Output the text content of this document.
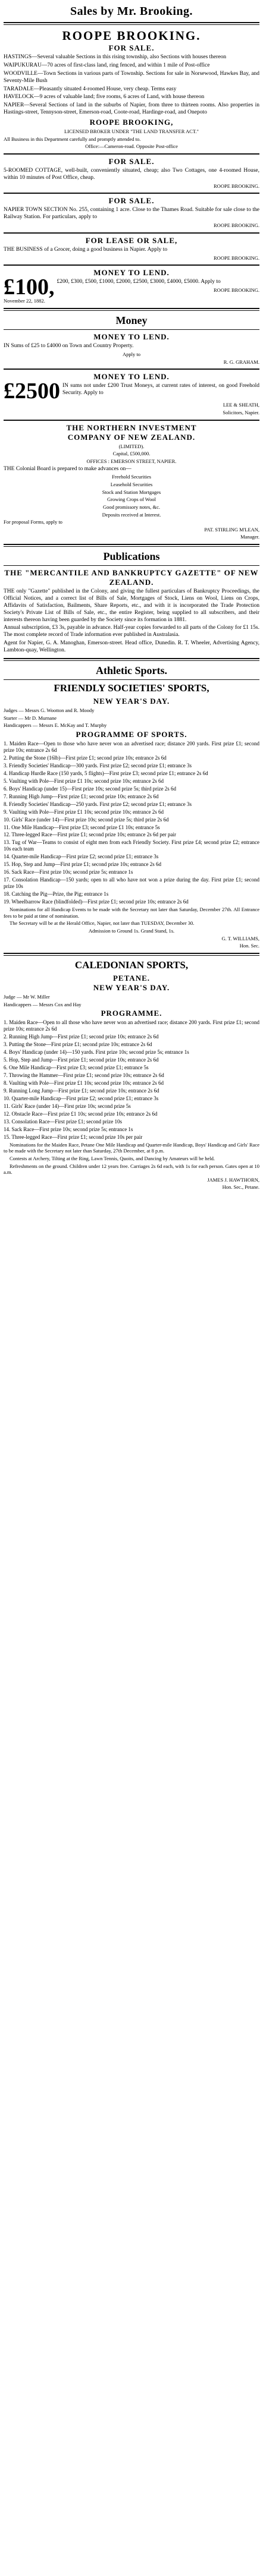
Sales by Mr. Brooking.
ROOPE BROOKING.
FOR SALE.

HASTINGS—Several valuable Sections in this rising township, also Sections with houses thereon

WAIPUKURAU—70 acres of first-class land, ring fenced, and within 1 mile of Post-office

WOODVILLE—Town Sections in various parts of Township. Sections for sale in Norsewood, Hawkes Bay, and Seventy-Mile Bush

TARADALE—Pleasantly situated 4-roomed House, very cheap. Terms easy

HAVELOCK—9 acres of valuable land; five rooms, 6 acres of Land, with house thereon

NAPIER—Several Sections of land in the suburbs of Napier, from three to thirteen rooms. Also properties in Hastings-street, Tennyson-street, Emerson-road, Coote-road, Hardinge-road, and Onepoto

ROOPE BROOKING,

LICENSED BROKER UNDER "THE LAND TRANSFER ACT."

All Business in this Department carefully and promptly attended to.

Office:—Cameron-road. Opposite Post-office

FOR SALE.

5-ROOMED COTTAGE, well-built, conveniently situated, cheap; also Two Cottages, one 4-roomed House, within 10 minutes of Post Office, cheap.

ROOPE BROOKING.

FOR SALE.

NAPIER TOWN SECTION No. 255, containing 1 acre. Close to the Thames Road. Suitable for sale close to the Railway Station. For particulars, apply to

ROOPE BROOKING.

FOR LEASE OR SALE,

THE BUSINESS of a Grocer, doing a good business in Napier. Apply to

ROOPE BROOKING.

MONEY TO LEND.
£100, £200, £300, £500, £1000, £2000, £2500, £3000, £4000, £5000. Apply to

ROOPE BROOKING.

November 22, 1882.

Money
MONEY TO LEND.

IN Sums of £25 to £4000 on Town and Country Property.

Apply to

R. G. GRAHAM.

MONEY TO LEND.
£2500 IN sums not under £200 Trust Moneys, at current rates of interest, on good Freehold Security. Apply to

LEE & SHEATH,

Solicitors, Napier.

THE NORTHERN INVESTMENT
COMPANY OF NEW ZEALAND.

(LIMITED).

Capital, £500,000.

OFFICES : EMERSON STREET, NAPIER.

THE Colonial Board is prepared to make advances on—

Freehold Securities

Leasehold Securities

Stock and Station Mortgages

Growing Crops of Wool

Good promissory notes, &c.

Deposits received at Interest.

For proposal Forms, apply to

PAT. STIRLING M'LEAN,

Manager.

Publications
THE "MERCANTILE AND BANKRUPTCY GAZETTE" OF NEW ZEALAND.

THE only "Gazette" published in the Colony, and giving the fullest particulars of Bankruptcy Proceedings, the Official Notices, and a correct list of Bills of Sale, Mortgages of Stock, Liens on Wool, Liens on Crops, Affidavits of Satisfaction, Bailments, Share Reports, etc., and with it is incorporated the Trade Protection Society's Private List of Bills of Sale, etc., the entire Register, being supplied to all subscribers, and their interests thereon having been guarded by the Society since its formation in 1881.

Annual subscription, £3 3s, payable in advance. Half-year copies forwarded to all parts of the Colony for £1 15s. The most complete record of Trade information ever published in Australasia.

Agent for Napier, G. A. Manoghan, Emerson-street. Head office, Dunedin. R. T. Wheeler, Advertising Agency, Lambton-quay, Wellington.

Athletic Sports.
FRIENDLY SOCIETIES' SPORTS,
NEW YEAR'S DAY.

Judges — Messrs G. Wootton and R. Moody

Starter — Mr D. Murnane

Handicappers — Messrs E. McKay and T. Murphy

PROGRAMME OF SPORTS.
1. Maiden Race—Open to those who have never won an advertised race; distance 200 yards. First prize £1; second prize 10s; entrance 2s 6d
2. Putting the Stone (16lb)—First prize £1; second prize 10s; entrance 2s 6d
3. Friendly Societies' Handicap—300 yards. First prize £2; second prize £1; entrance 3s
4. Handicap Hurdle Race (150 yards, 5 flights)—First prize £3; second prize £1; entrance 2s 6d
5. Vaulting with Pole—First prize £1 10s; second prize 10s; entrance 2s 6d
6. Boys' Handicap (under 15)—First prize 10s; second prize 5s; third prize 2s 6d
7. Running High Jump—First prize £1; second prize 10s; entrance 2s 6d
8. Friendly Societies' Handicap—250 yards. First prize £2; second prize £1; entrance 3s
9. Vaulting with Pole—First prize £1 10s; second prize 10s; entrance 2s 6d
10. Girls' Race (under 14)—First prize 10s; second prize 5s; third prize 2s 6d
11. One Mile Handicap—First prize £3; second prize £1 10s; entrance 5s
12. Three-legged Race—First prize £1; second prize 10s; entrance 2s 6d per pair
13. Tug of War—Teams to consist of eight men from each Friendly Society. First prize £4; second prize £2; entrance 10s each team
14. Quarter-mile Handicap—First prize £2; second prize £1; entrance 3s
15. Hop, Step and Jump—First prize £1; second prize 10s; entrance 2s 6d
16. Sack Race—First prize 10s; second prize 5s; entrance 1s
17. Consolation Handicap—150 yards; open to all who have not won a prize during the day. First prize £1; second prize 10s
18. Catching the Pig—Prize, the Pig; entrance 1s
19. Wheelbarrow Race (blindfolded)—First prize £1; second prize 10s; entrance 2s 6d

Nominations for all Handicap Events to be made with the Secretary not later than Saturday, December 27th. All Entrance fees to be paid at time of nomination.

The Secretary will be at the Herald Office, Napier, not later than TUESDAY, December 30.

Admission to Ground 1s. Grand Stand, 1s.

G. T. WILLIAMS,

Hon. Sec.

CALEDONIAN SPORTS,
PETANE.
NEW YEAR'S DAY.

Judge — Mr W. Miller

Handicappers — Messrs Cox and Hay

PROGRAMME.
1. Maiden Race—Open to all those who have never won an advertised race; distance 200 yards. First prize £1; second prize 10s; entrance 2s 6d
2. Running High Jump—First prize £1; second prize 10s; entrance 2s 6d
3. Putting the Stone—First prize £1; second prize 10s; entrance 2s 6d
4. Boys' Handicap (under 14)—150 yards. First prize 10s; second prize 5s; entrance 1s
5. Hop, Step and Jump—First prize £1; second prize 10s; entrance 2s 6d
6. One Mile Handicap—First prize £3; second prize £1; entrance 5s
7. Throwing the Hammer—First prize £1; second prize 10s; entrance 2s 6d
8. Vaulting with Pole—First prize £1 10s; second prize 10s; entrance 2s 6d
9. Running Long Jump—First prize £1; second prize 10s; entrance 2s 6d
10. Quarter-mile Handicap—First prize £2; second prize £1; entrance 3s
11. Girls' Race (under 14)—First prize 10s; second prize 5s
12. Obstacle Race—First prize £1 10s; second prize 10s; entrance 2s 6d
13. Consolation Race—First prize £1; second prize 10s
14. Sack Race—First prize 10s; second prize 5s; entrance 1s
15. Three-legged Race—First prize £1; second prize 10s per pair

Nominations for the Maiden Race, Petane One Mile Handicap and Quarter-mile Handicap, Boys' Handicap and Girls' Race to be made with the Secretary not later than Saturday, 27th December, at 8 p.m.

Contests at Archery, Tilting at the Ring, Lawn Tennis, Quoits, and Dancing by Amateurs will be held.

Refreshments on the ground. Children under 12 years free. Carriages 2s 6d each, with 1s for each person. Gates open at 10 a.m.

JAMES J. HAWTHORN,

Hon. Sec., Petane.
